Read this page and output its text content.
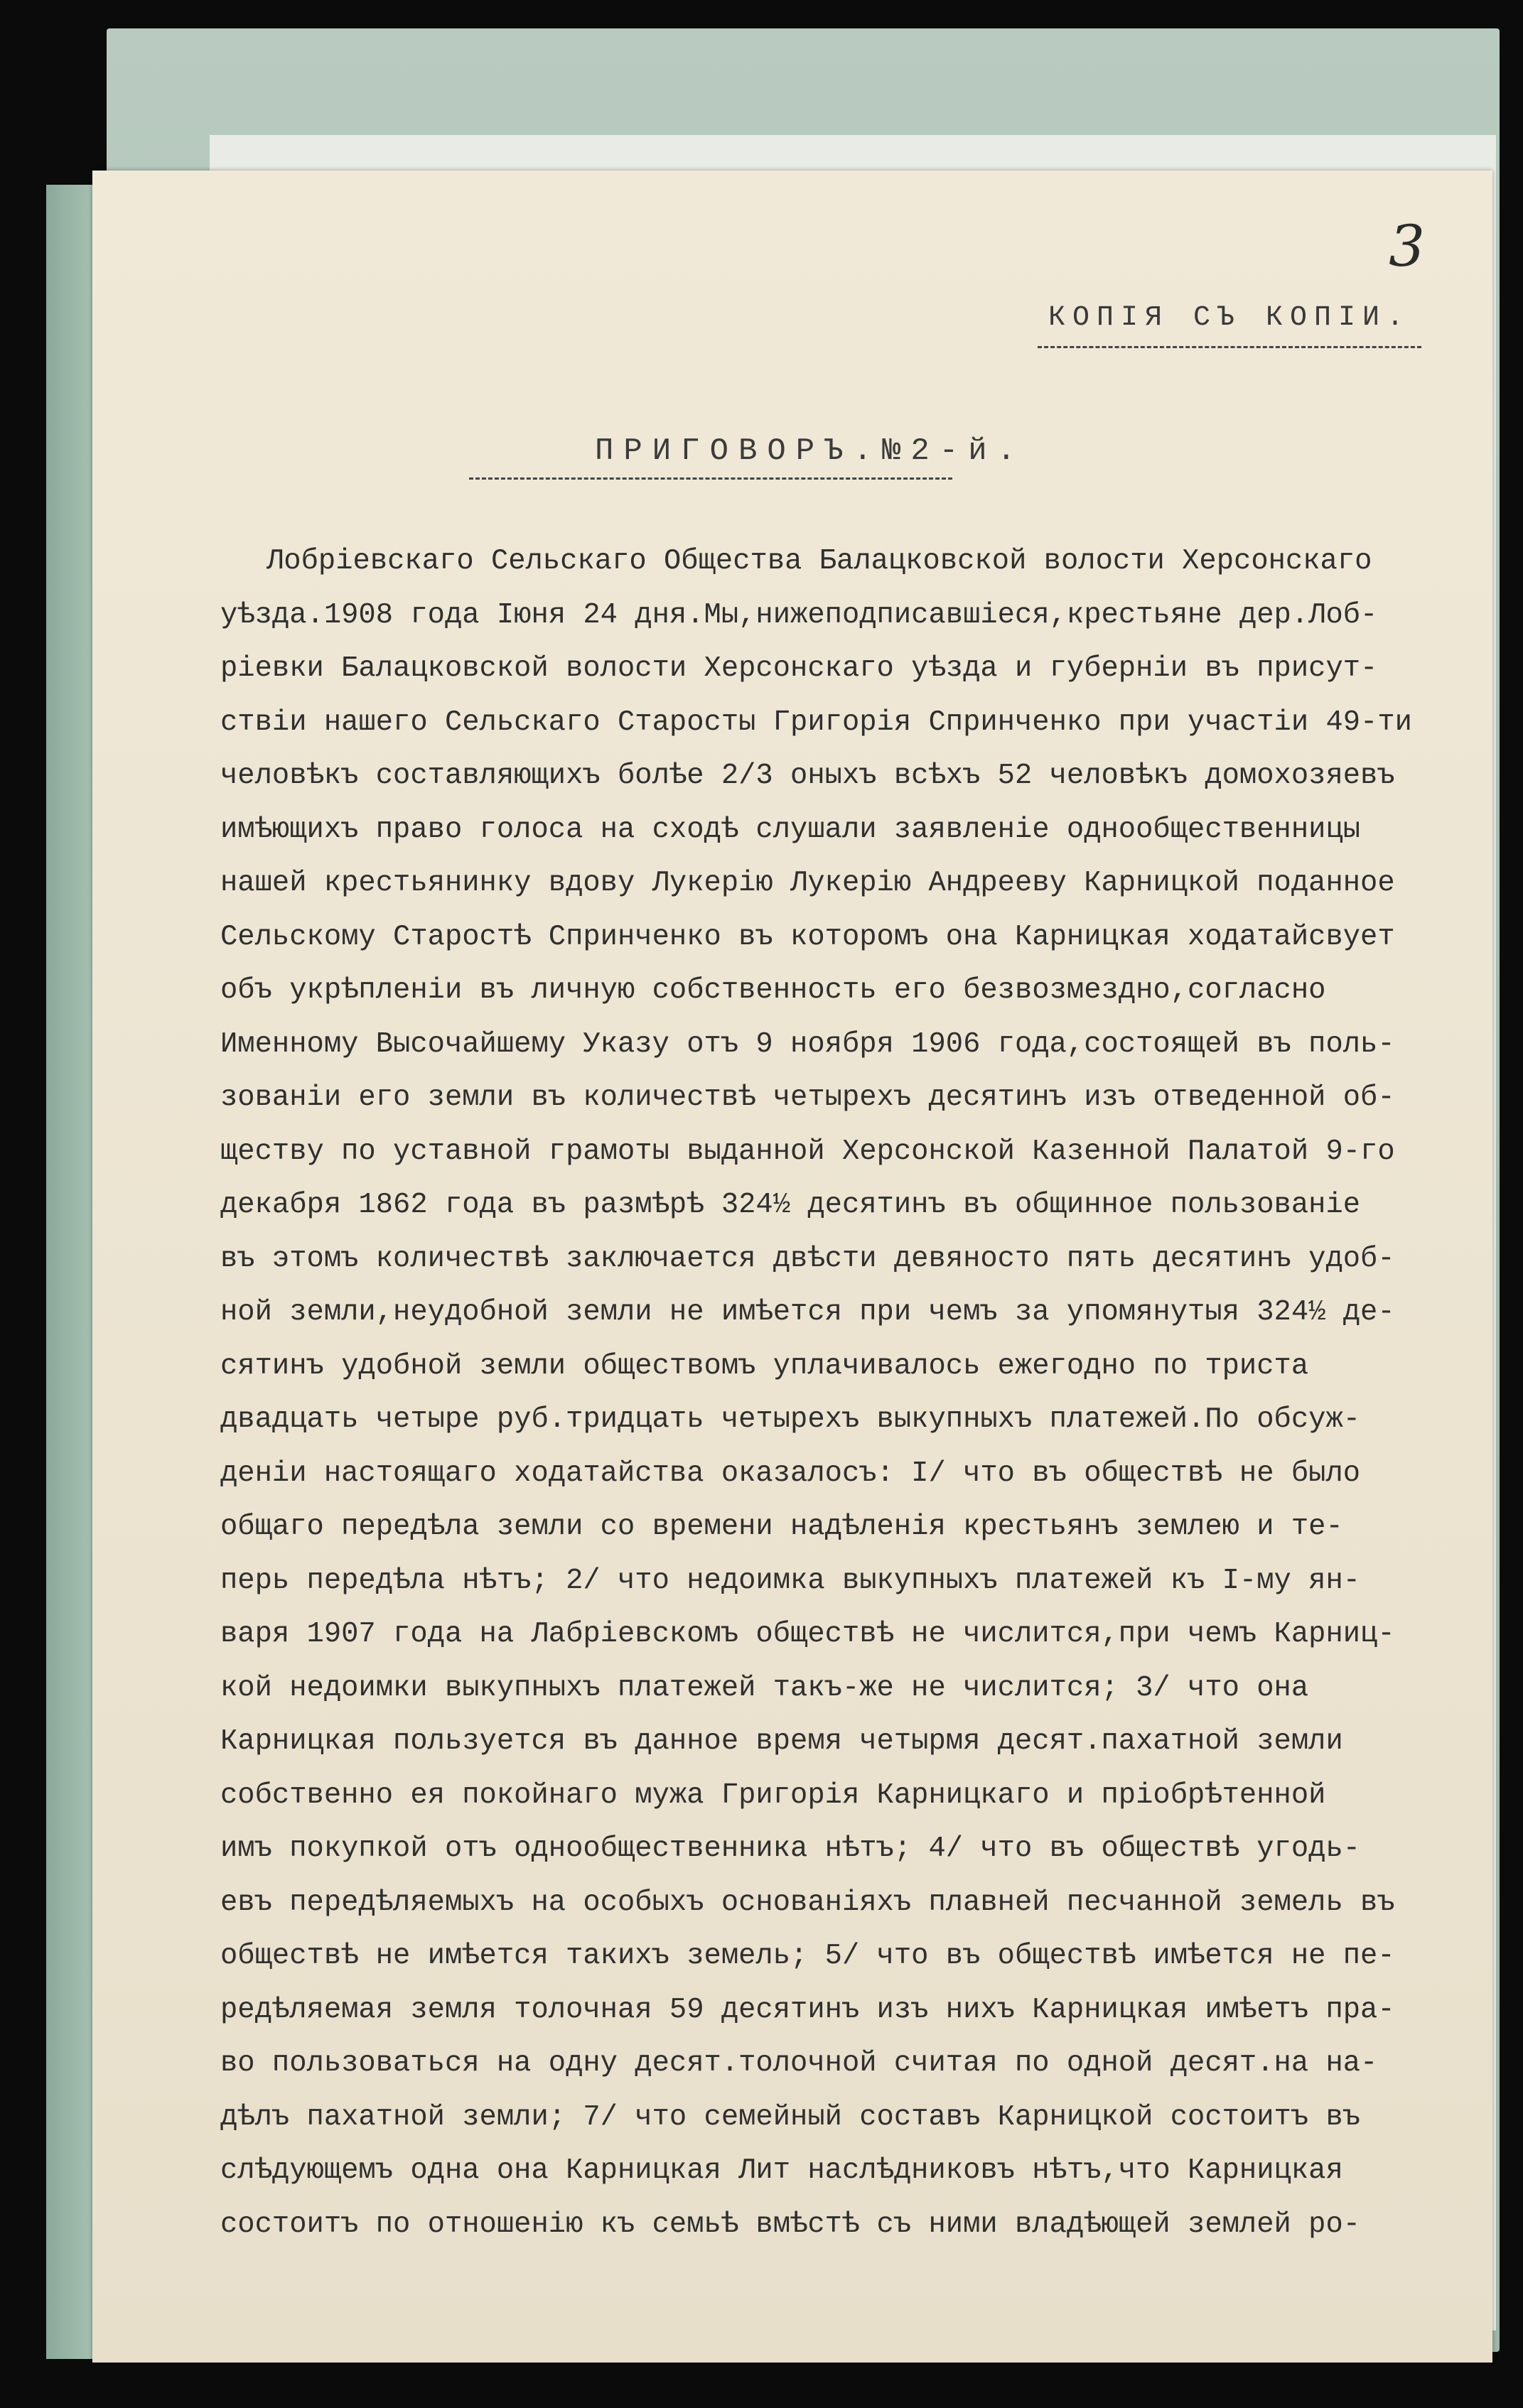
3
КОПІЯ СЪ КОПІИ.
ПРИГОВОРЪ.№2-й.

Лобріевскаго Сельскаго Общества Балацковской волости Херсонскаго

уѣзда.1908 года Іюня 24 дня.Мы,нижеподписавшіеся,крестьяне дер.Лоб-

ріевки Балацковской волости Херсонскаго уѣзда и губерніи въ присут-

ствіи нашего Сельскаго Старосты Григорія Спринченко при участіи 49-ти

человѣкъ составляющихъ болѣе 2/3 оныхъ всѣхъ 52 человѣкъ домохозяевъ

имѣющихъ право голоса на сходѣ слушали заявленіе однообщественницы

нашей крестьянинку вдову Лукерію Лукерію Андрееву Карницкой поданное

Сельскому Старостѣ Спринченко въ которомъ она Карницкая ходатайсвует

объ укрѣпленіи въ личную собственность его безвозмездно,согласно

Именному Высочайшему Указу отъ 9 ноября 1906 года,состоящей въ поль-

зованіи его земли въ количествѣ четырехъ десятинъ изъ отведенной об-

ществу по уставной грамоты выданной Херсонской Казенной Палатой 9-го

декабря 1862 года въ размѣрѣ 324½ десятинъ въ общинное пользованіе

въ этомъ количествѣ заключается двѣсти девяносто пять десятинъ удоб-

ной земли,неудобной земли не имѣется при чемъ за упомянутыя 324½ де-

сятинъ удобной земли обществомъ уплачивалось ежегодно по триста

двадцать четыре руб.тридцать четырехъ выкупныхъ платежей.По обсуж-

деніи настоящаго ходатайства оказалосъ: I/ что въ обществѣ не было

общаго передѣла земли со времени надѣленія крестьянъ землею и те-

перь передѣла нѣтъ; 2/ что недоимка выкупныхъ платежей къ I-му ян-

варя 1907 года на Лабріевскомъ обществѣ не числится,при чемъ Карниц-

кой недоимки выкупныхъ платежей такъ-же не числится; 3/ что она

Карницкая пользуется въ данное время четырмя десят.пахатной земли

собственно ея покойнаго мужа Григорія Карницкаго и пріобрѣтенной

имъ покупкой отъ однообщественника нѣтъ; 4/ что въ обществѣ угодь-

евъ передѣляемыхъ на особыхъ основаніяхъ плавней песчанной земель въ

обществѣ не имѣется такихъ земель; 5/ что въ обществѣ имѣется не пе-

редѣляемая земля толочная 59 десятинъ изъ нихъ Карницкая имѣетъ пра-

во пользоваться на одну десят.толочной считая по одной десят.на на-

дѣлъ пахатной земли; 7/ что семейный составъ Карницкой состоитъ въ

слѣдующемъ одна она Карницкая Лит наслѣдниковъ нѣтъ,что Карницкая

состоитъ по отношенію къ семьѣ вмѣстѣ съ ними владѣющей землей ро-
